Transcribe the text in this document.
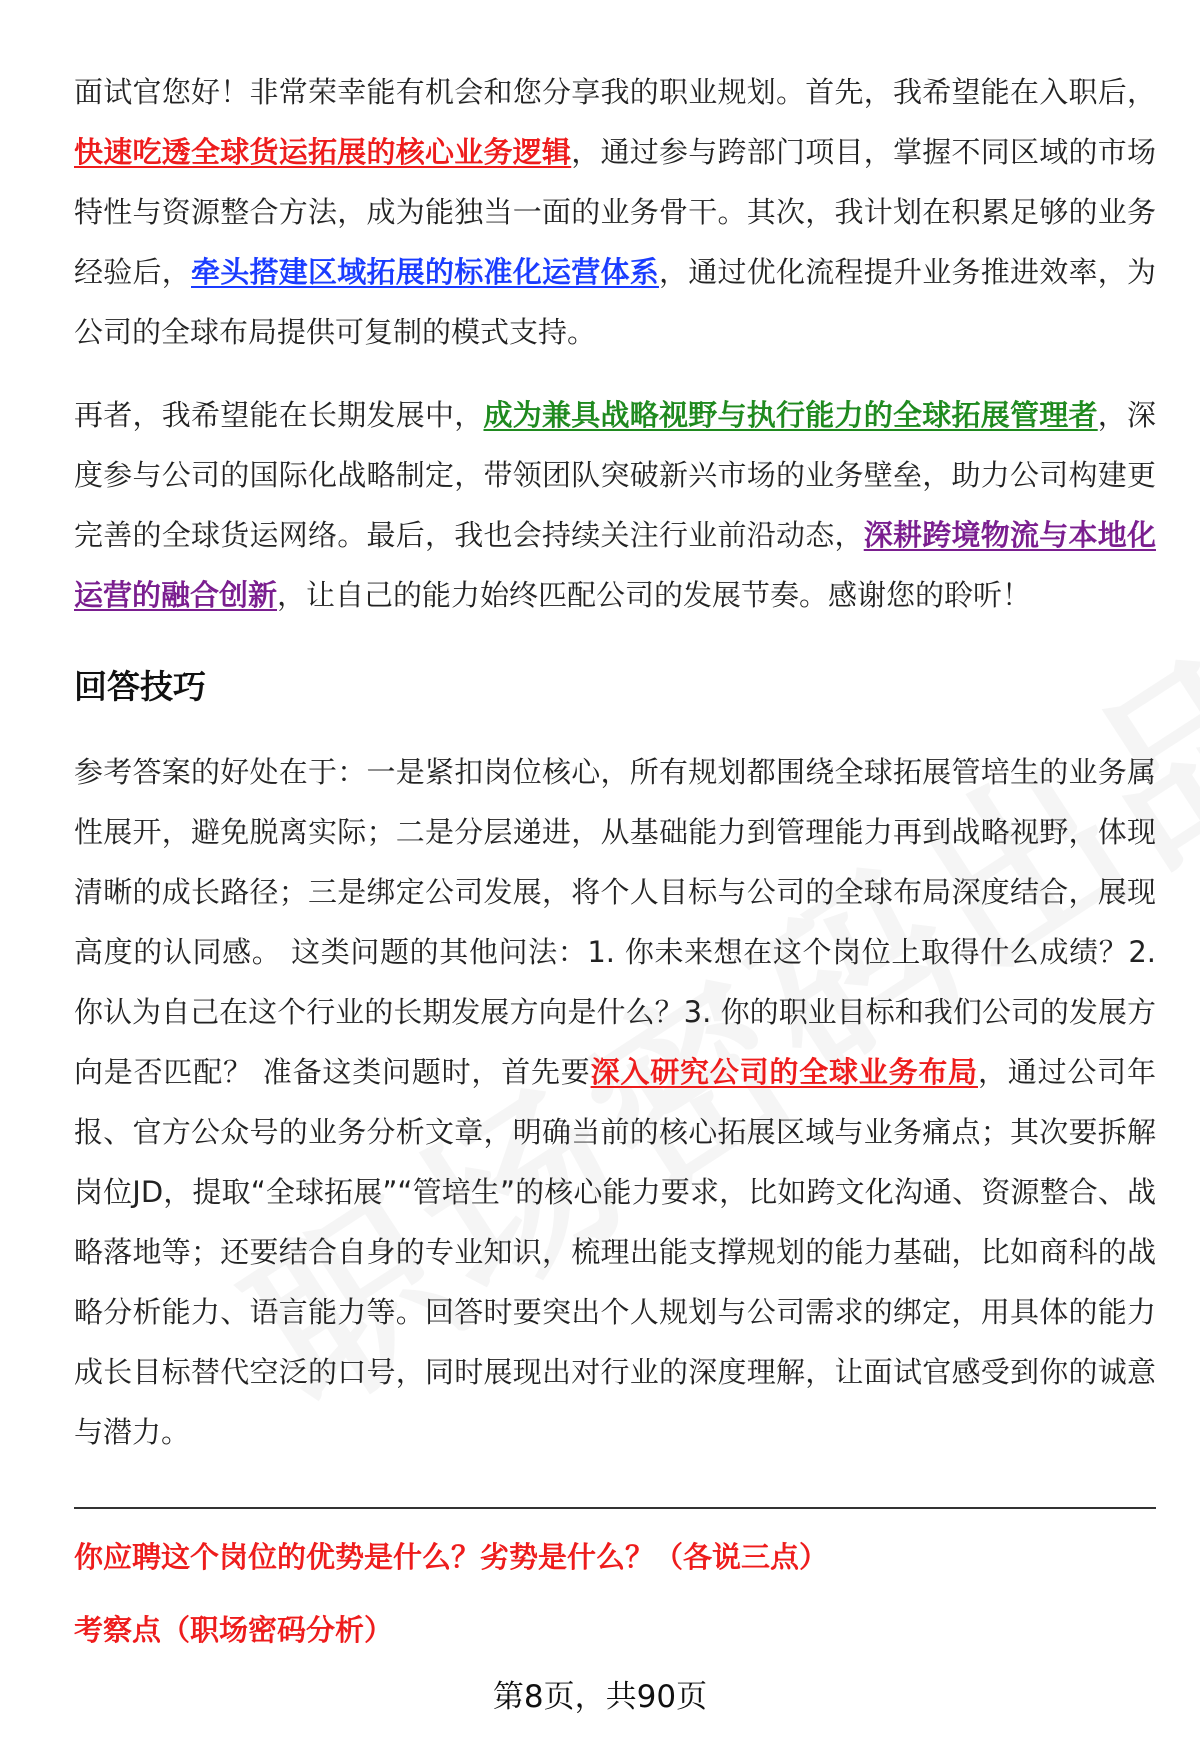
面试官您好！非常荣幸能有机会和您分享我的职业规划。首先，我希望能在入职后，快速吃透全球货运拓展的核心业务逻辑，通过参与跨部门项目，掌握不同区域的市场特性与资源整合方法，成为能独当一面的业务骨干。其次，我计划在积累足够的业务经验后，牵头搭建区域拓展的标准化运营体系，通过优化流程提升业务推进效率，为公司的全球布局提供可复制的模式支持。

再者，我希望能在长期发展中，成为兼具战略视野与执行能力的全球拓展管理者，深度参与公司的国际化战略制定，带领团队突破新兴市场的业务壁垒，助力公司构建更完善的全球货运网络。最后，我也会持续关注行业前沿动态，深耕跨境物流与本地化运营的融合创新，让自己的能力始终匹配公司的发展节奏。感谢您的聆听！

回答技巧

参考答案的好处在于：一是紧扣岗位核心，所有规划都围绕全球拓展管培生的业务属性展开，避免脱离实际；二是分层递进，从基础能力到管理能力再到战略视野，体现清晰的成长路径；三是绑定公司发展，将个人目标与公司的全球布局深度结合，展现高度的认同感。 这类问题的其他问法：1. 你未来想在这个岗位上取得什么成绩？2. 你认为自己在这个行业的长期发展方向是什么？3. 你的职业目标和我们公司的发展方向是否匹配？ 准备这类问题时，首先要深入研究公司的全球业务布局，通过公司年报、官方公众号的业务分析文章，明确当前的核心拓展区域与业务痛点；其次要拆解岗位JD，提取“全球拓展”“管培生”的核心能力要求，比如跨文化沟通、资源整合、战略落地等；还要结合自身的专业知识，梳理出能支撑规划的能力基础，比如商科的战略分析能力、语言能力等。回答时要突出个人规划与公司需求的绑定，用具体的能力成长目标替代空泛的口号，同时展现出对行业的深度理解，让面试官感受到你的诚意与潜力。

你应聘这个岗位的优势是什么？劣势是什么？（各说三点）
考察点（职场密码分析）
第8页，共90页
